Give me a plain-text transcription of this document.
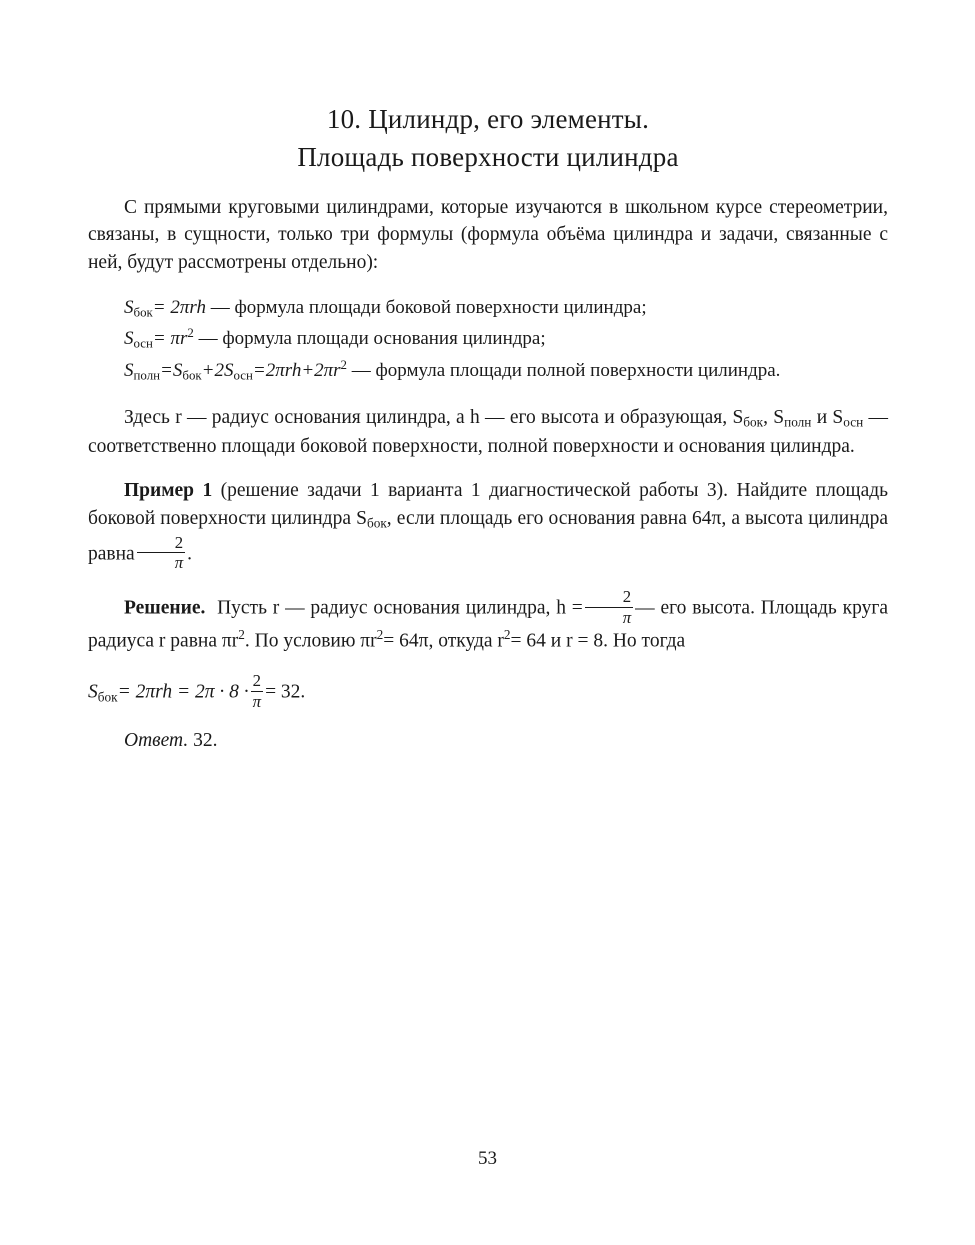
10. Цилиндр, его элементы.
Площадь поверхности цилиндра

С прямыми круговыми цилиндрами, которые изучаются в школьном курсе стереометрии, связаны, в сущности, только три формулы (формула объёма цилиндра и задачи, связанные с ней, будут рассмотрены отдельно):

$S_{бок}= 2\pi rh$ — формула площади боковой поверхности цилиндра;
$S_{осн}= \pi r^2$ — формула площади основания цилиндра;
$S_{полн}=S_{бок}+2S_{осн}=2\pi rh+2\pi r^2$ — формула площади полной поверхности цилиндра.

Здесь r — радиус основания цилиндра, а h — его высота и образующая, $S_{бок}$, $S_{полн}$ и $S_{осн}$ — соответственно площади боковой поверхности, полной поверхности и основания цилиндра.

Пример 1 (решение задачи 1 варианта 1 диагностической работы 3). Найдите площадь боковой поверхности цилиндра $S_{бок}$, если площадь его основания равна 64π, а высота цилиндра равна $\frac{2}{\pi}$ .

Решение. Пусть r — радиус основания цилиндра, $h = \frac{2}{\pi}$ — его высота. Площадь круга радиуса r равна $\pi r^2$. По условию $\pi r^2= 64\pi$, откуда $r^2= 64$ и r = 8. Но тогда

$S_{бок}= 2\pi rh = 2\pi \cdot 8 \cdot \frac{2}{\pi} = 32$.

Ответ. 32.

53
